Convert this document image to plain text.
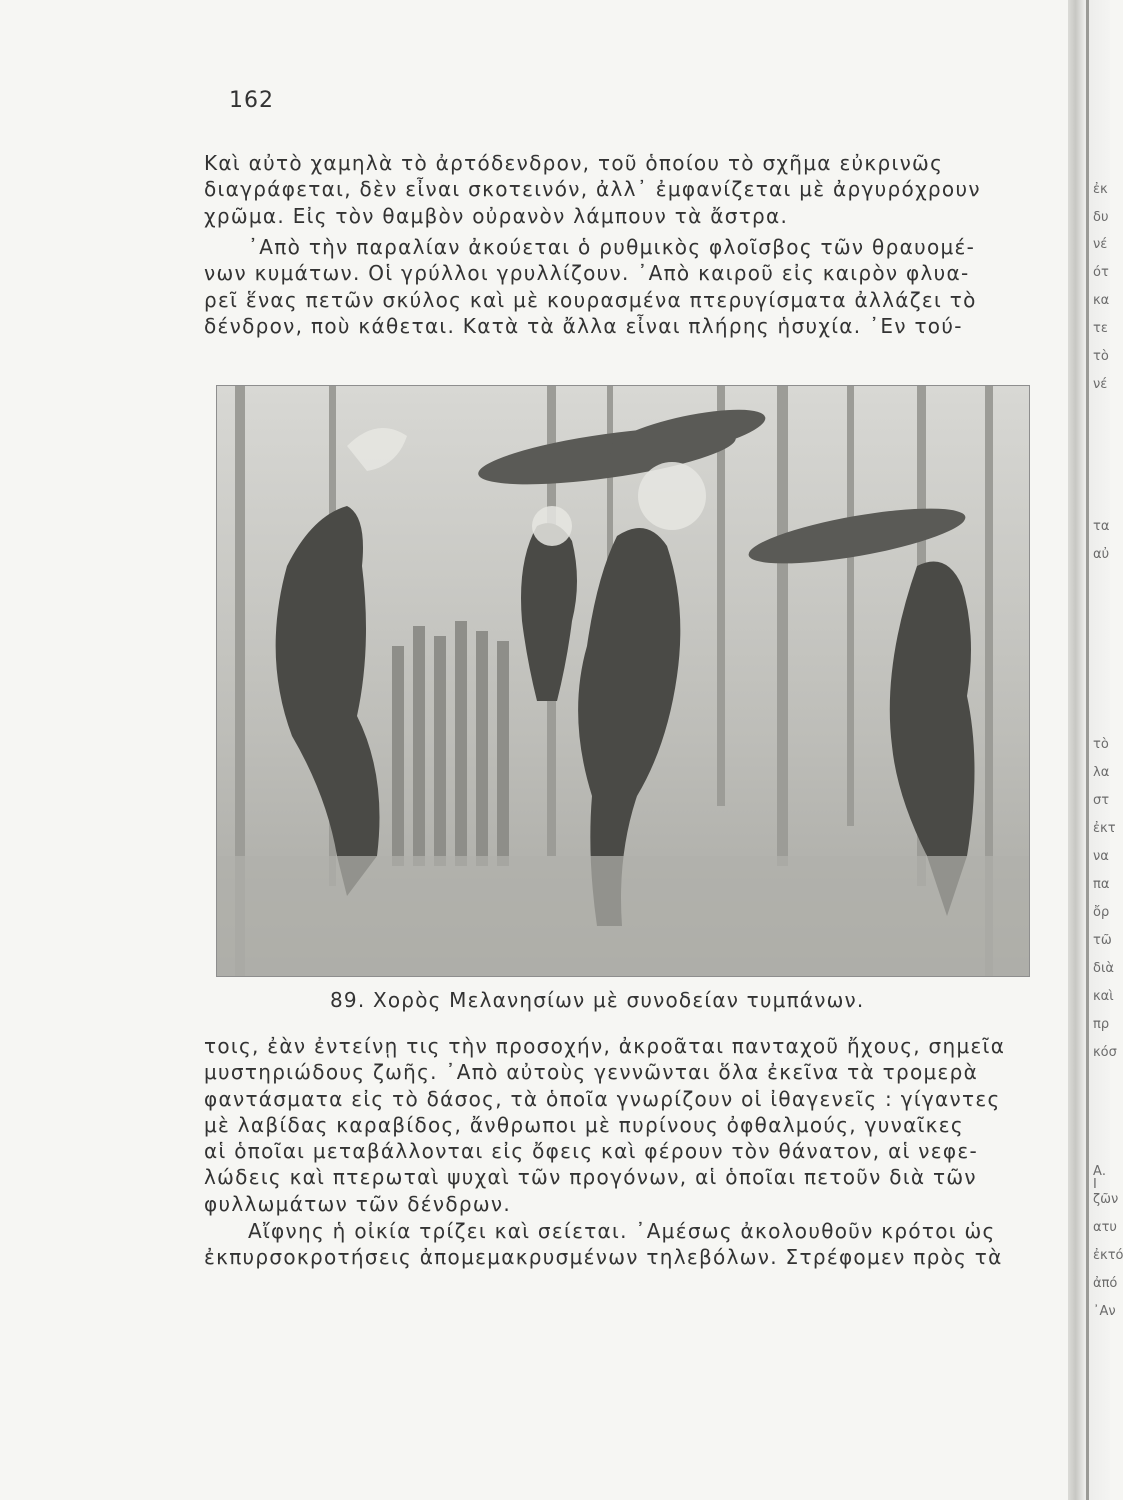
ἐκ
δυ
νέ
ότ
κα
τε
τὸ
νέ
τα
αὐ
τὸ
λα
στ
ἐκτ
να
πα
ὄρ
τῶ
διὰ
καὶ
πρ
κόσ
Α. Ι
ζῶν
ατυ
ἐκτό
ἀπό
᾿Αν
162
Καὶ αὐτὸ χαμηλὰ τὸ ἀρτόδενδρον, τοῦ ὁποίου τὸ σχῆμα εὐκρινῶς
διαγράφεται, δὲν εἶναι σκοτεινόν, ἀλλ᾽ ἐμφανίζεται μὲ ἀργυρόχρουν
χρῶμα. Εἰς τὸν θαμβὸν οὐρανὸν λάμπουν τὰ ἄστρα.
᾿Απὸ τὴν παραλίαν ἀκούεται ὁ ρυθμικὸς φλοῖσβος τῶν θραυομέ-
νων κυμάτων. Οἱ γρύλλοι γρυλλίζουν. ᾿Απὸ καιροῦ εἰς καιρὸν φλυα-
ρεῖ ἕνας πετῶν σκύλος καὶ μὲ κουρασμένα πτερυγίσματα ἀλλάζει τὸ
δένδρον, ποὺ κάθεται. Κατὰ τὰ ἄλλα εἶναι πλήρης ἡσυχία. ᾿Εν τού-
89. Χορὸς Μελανησίων μὲ συνοδείαν τυμπάνων.
τοις, ἐὰν ἐντείνῃ τις τὴν προσοχήν, ἀκροᾶται πανταχοῦ ἤχους, σημεῖα
μυστηριώδους ζωῆς. ᾿Απὸ αὐτοὺς γεννῶνται ὅλα ἐκεῖνα τὰ τρομερὰ
φαντάσματα εἰς τὸ δάσος, τὰ ὁποῖα γνωρίζουν οἱ ἰθαγενεῖς : γίγαντες
μὲ λαβίδας καραβίδος, ἄνθρωποι μὲ πυρίνους ὀφθαλμούς, γυναῖκες
αἱ ὁποῖαι μεταβάλλονται εἰς ὄφεις καὶ φέρουν τὸν θάνατον, αἱ νεφε-
λώδεις καὶ πτερωταὶ ψυχαὶ τῶν προγόνων, αἱ ὁποῖαι πετοῦν διὰ τῶν
φυλλωμάτων τῶν δένδρων.
Αἴφνης ἡ οἰκία τρίζει καὶ σείεται. ᾿Αμέσως ἀκολουθοῦν κρότοι ὡς
ἐκπυρσοκροτήσεις ἀπομεμακρυσμένων τηλεβόλων. Στρέφομεν πρὸς τὰ
